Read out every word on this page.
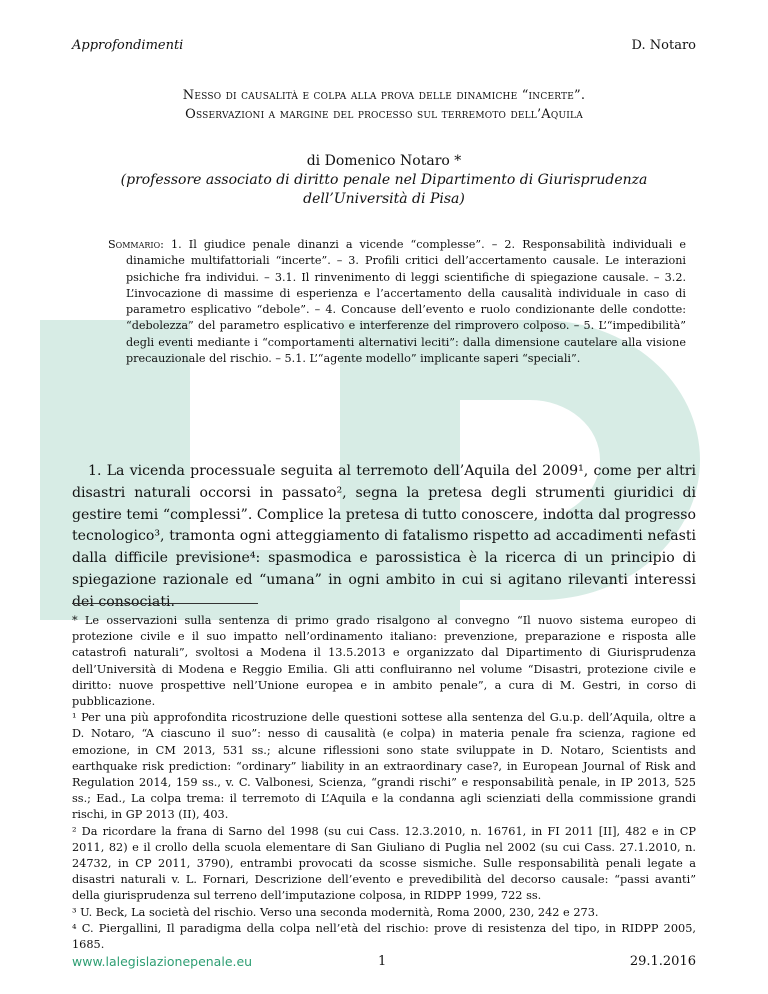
Approfondimenti	D. Notaro
Nesso di causalità e colpa alla prova delle dinamiche “incerte”.
Osservazioni a margine del processo sul terremoto dell’Aquila
di Domenico Notaro *
(professore associato di diritto penale nel Dipartimento di Giurisprudenza
dell’Università di Pisa)
Sommario: 1. Il giudice penale dinanzi a vicende “complesse”. – 2. Responsabilità individuali e dinamiche multifattoriali “incerte”. – 3. Profili critici dell’accertamento causale. Le interazioni psichiche fra individui. – 3.1. Il rinvenimento di leggi scientifiche di spiegazione causale. – 3.2. L’invocazione di massime di esperienza e l’accertamento della causalità individuale in caso di parametro esplicativo “debole”. – 4. Concause dell’evento e ruolo condizionante delle condotte: “debolezza” del parametro esplicativo e interferenze del rimprovero colposo. – 5. L’“impedibilità” degli eventi mediante i “comportamenti alternativi leciti”: dalla dimensione cautelare alla visione precauzionale del rischio. – 5.1. L’“agente modello” implicante saperi “speciali”.
1. La vicenda processuale seguita al terremoto dell’Aquila del 2009¹, come per altri disastri naturali occorsi in passato², segna la pretesa degli strumenti giuridici di gestire temi “complessi”. Complice la pretesa di tutto conoscere, indotta dal progresso tecnologico³, tramonta ogni atteggiamento di fatalismo rispetto ad accadimenti nefasti dalla difficile previsione⁴: spasmodica e parossistica è la ricerca di un principio di spiegazione razionale ed “umana” in ogni ambito in cui si agitano rilevanti interessi dei consociati.

* Le osservazioni sulla sentenza di primo grado risalgono al convegno “Il nuovo sistema europeo di protezione civile e il suo impatto nell’ordinamento italiano: prevenzione, preparazione e risposta alle catastrofi naturali”, svoltosi a Modena il 13.5.2013 e organizzato dal Dipartimento di Giurisprudenza dell’Università di Modena e Reggio Emilia. Gli atti confluiranno nel volume “Disastri, protezione civile e diritto: nuove prospettive nell’Unione europea e in ambito penale”, a cura di M. Gestri, in corso di pubblicazione.

¹ Per una più approfondita ricostruzione delle questioni sottese alla sentenza del G.u.p. dell’Aquila, oltre a D. Notaro, “A ciascuno il suo”: nesso di causalità (e colpa) in materia penale fra scienza, ragione ed emozione, in CM 2013, 531 ss.; alcune riflessioni sono state sviluppate in D. Notaro, Scientists and earthquake risk prediction: “ordinary” liability in an extraordinary case?, in European Journal of Risk and Regulation 2014, 159 ss., v. C. Valbonesi, Scienza, “grandi rischi” e responsabilità penale, in IP 2013, 525 ss.; Ead., La colpa trema: il terremoto di L’Aquila e la condanna agli scienziati della commissione grandi rischi, in GP 2013 (II), 403.

² Da ricordare la frana di Sarno del 1998 (su cui Cass. 12.3.2010, n. 16761, in FI 2011 [II], 482 e in CP 2011, 82) e il crollo della scuola elementare di San Giuliano di Puglia nel 2002 (su cui Cass. 27.1.2010, n. 24732, in CP 2011, 3790), entrambi provocati da scosse sismiche. Sulle responsabilità penali legate a disastri naturali v. L. Fornari, Descrizione dell’evento e prevedibilità del decorso causale: “passi avanti” della giurisprudenza sul terreno dell’imputazione colposa, in RIDPP 1999, 722 ss.

³ U. Beck, La società del rischio. Verso una seconda modernità, Roma 2000, 230, 242 e 273.

⁴ C. Piergallini, Il paradigma della colpa nell’età del rischio: prove di resistenza del tipo, in RIDPP 2005, 1685.

www.lalegislazionepenale.eu	1	29.1.2016
